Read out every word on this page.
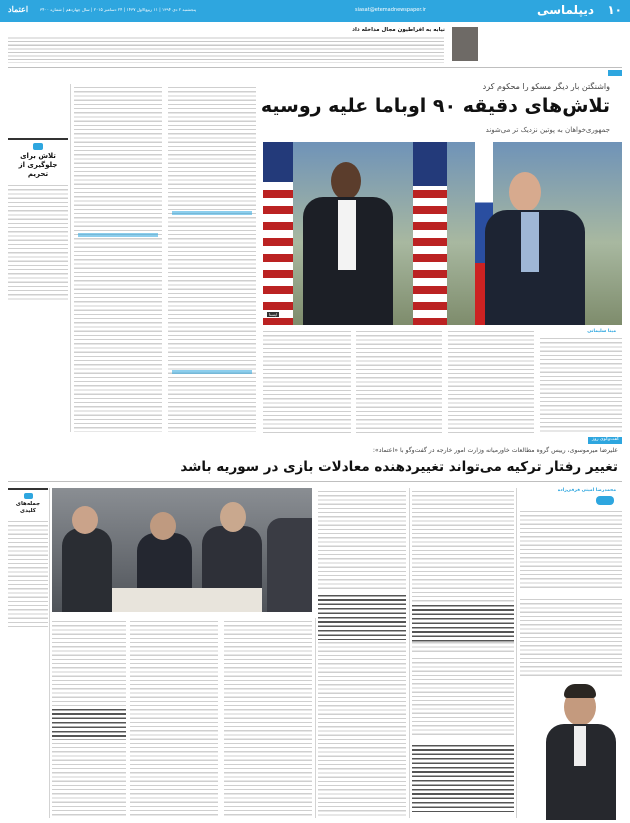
۱۰
دیپلماسی
siasat@etemadnewspaper.ir
پنجشنبه ۲ دی ۱۳۹۴ | ۱۱ ربیع‌الاول ۱۴۳۷ | ۲۴ دسامبر ۲۰۱۵ | سال چهاردهم | شماره ۳۴۰۰
اعتماد
نیابه به افراطیون مجال مداخله داد
واشنگتن بار دیگر مسکو را محکوم کرد
تلاش‌های دقیقه ۹۰ اوباما علیه روسیه
جمهوری‌خواهان به پوتین نزدیک تر می‌شوند
ایسنا
مینا سلیمانی
تلاش برای جلوگیری از تحریم
گفت‌وگوی روز
علیرضا میرموسوی، رییس گروه مطالعات خاورمیانه وزارت امور خارجه در گفت‌وگو با «اعتماد»:
تغییر رفتار ترکیه می‌تواند تغییردهنده معادلات بازی در سوریه باشد
محمدرضا امینی قرقی‌زاده
جمله‌های کلیدی
